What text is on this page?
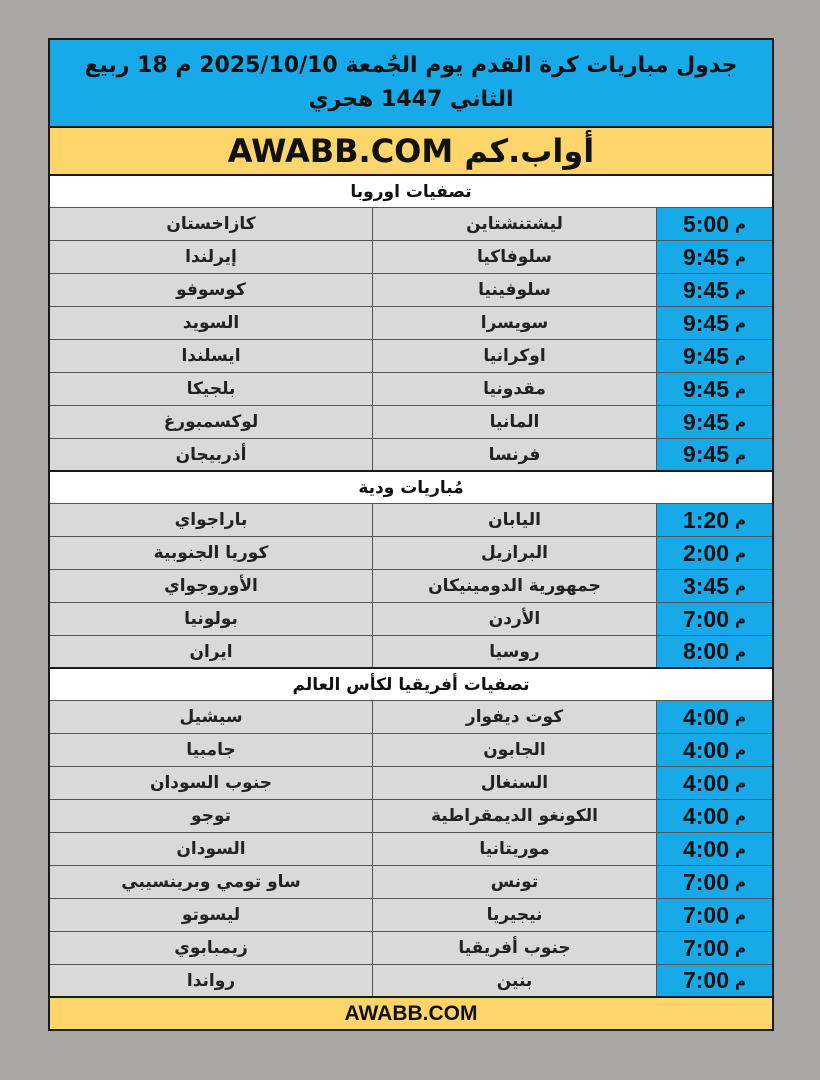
جدول مباريات كرة القدم يوم الجُمعة 2025/10/10 م 18 ربيع الثاني 1447 هجري
أواب.كم AWABB.COM
تصفيات اوروبا
م
5:00
ليشتنشتاين
كازاخستان
م
9:45
سلوفاكيا
إيرلندا
م
9:45
سلوفينيا
كوسوفو
م
9:45
سويسرا
السويد
م
9:45
اوكرانيا
ايسلندا
م
9:45
مقدونيا
بلجيكا
م
9:45
المانيا
لوكسمبورغ
م
9:45
فرنسا
أذربيجان
مُباريات ودية
م
1:20
اليابان
باراجواي
م
2:00
البرازيل
كوريا الجنوبية
م
3:45
جمهورية الدومينيكان
الأوروجواي
م
7:00
الأردن
بولونيا
م
8:00
روسيا
ايران
تصفيات أفريقيا لكأس العالم
م
4:00
كوت ديفوار
سيشيل
م
4:00
الجابون
جامبيا
م
4:00
السنغال
جنوب السودان
م
4:00
الكونغو الديمقراطية
توجو
م
4:00
موريتانيا
السودان
م
7:00
تونس
ساو تومي وبرينسيبي
م
7:00
نيجيريا
ليسوتو
م
7:00
جنوب أفريقيا
زيمبابوي
م
7:00
بنين
رواندا
AWABB.COM
